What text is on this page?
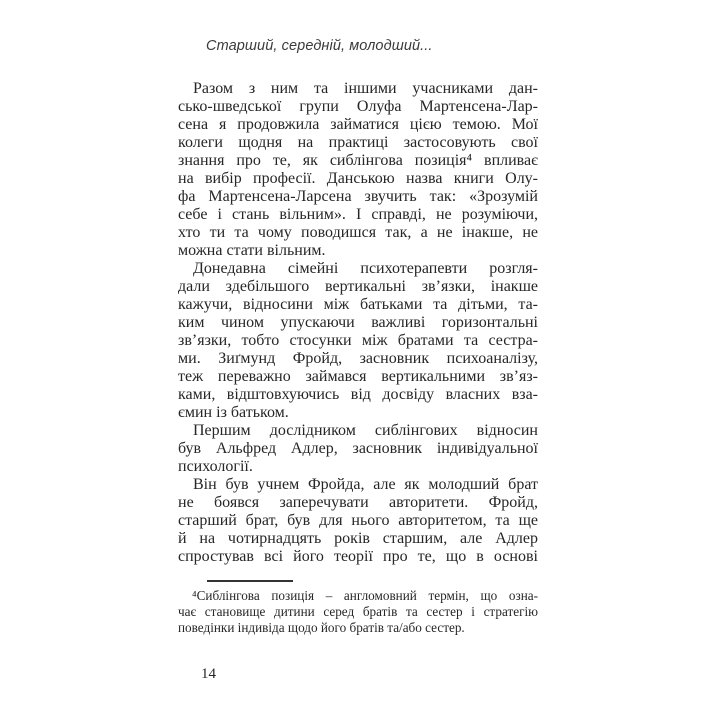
Старший, середній, молодший...
Разом з ним та іншими учасниками дан-
сько-шведської групи Олуфа Мартенсена-Лар-
сена я продовжила займатися цією темою. Мої
колеги щодня на практиці застосовують свої
знання про те, як сиблінгова позиція⁴ впливає
на вибір професії. Данською назва книги Олу-
фа Мартенсена-Ларсена звучить так: «Зрозумій
себе і стань вільним». І справді, не розуміючи,
хто ти та чому поводишся так, а не інакше, не
можна стати вільним.
Донедавна сімейні психотерапевти розгля-
дали здебільшого вертикальні зв’язки, інакше
кажучи, відносини між батьками та дітьми, та-
ким чином упускаючи важливі горизонтальні
зв’язки, тобто стосунки між братами та сестра-
ми. Зиґмунд Фройд, засновник психоаналізу,
теж переважно займався вертикальними зв’яз-
ками, відштовхуючись від досвіду власних вза-
ємин із батьком.
Першим дослідником сиблінгових відносин
був Альфред Адлер, засновник індивідуальної
психології.
Він був учнем Фройда, але як молодший брат
не боявся заперечувати авторитети. Фройд,
старший брат, був для нього авторитетом, та ще
й на чотирнадцять років старшим, але Адлер
спростував всі його теорії про те, що в основі
⁴Сиблінгова позиція – англомовний термін, що озна-
чає становище дитини серед братів та сестер і стратегію
поведінки індивіда щодо його братів та/або сестер.
14
